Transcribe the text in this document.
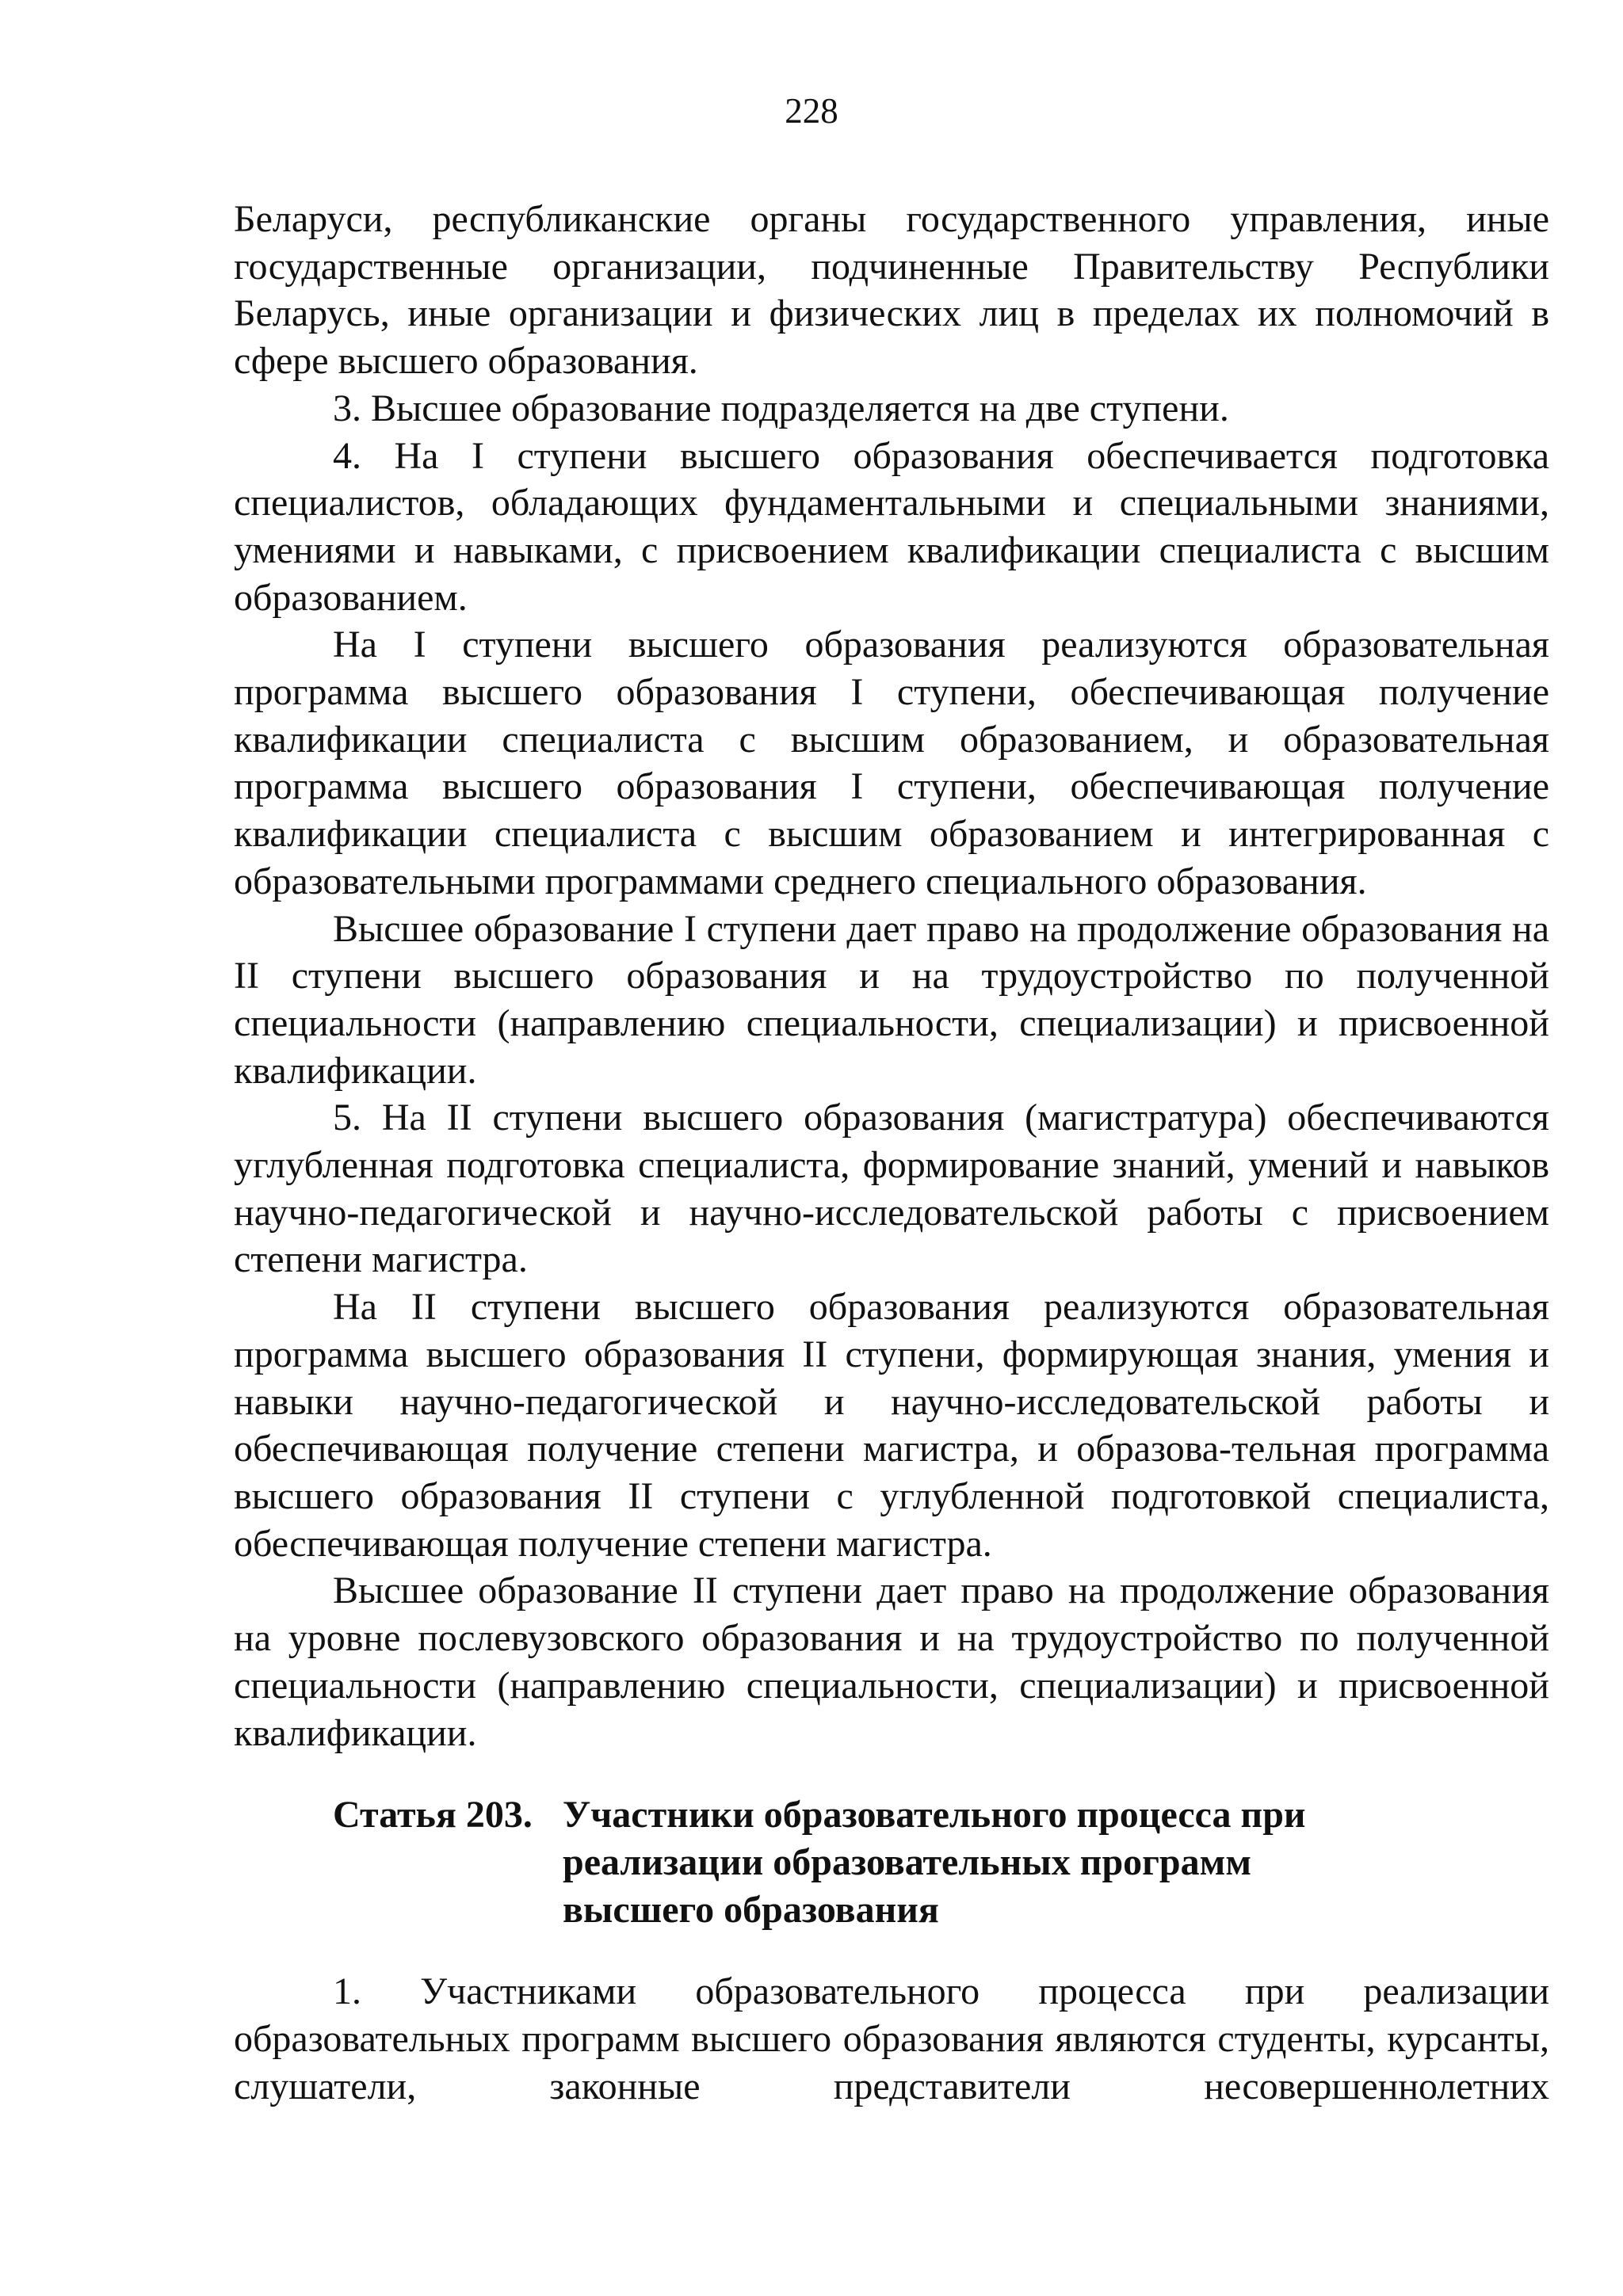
228

Беларуси, республиканские органы государственного управления, иные государственные организации, подчиненные Правительству Республики Беларусь, иные организации и физических лиц в пределах их полномочий в сфере высшего образования.

3. Высшее образование подразделяется на две ступени.

4. На I ступени высшего образования обеспечивается подготовка специалистов, обладающих фундаментальными и специальными знаниями, умениями и навыками, с присвоением квалификации специалиста с высшим образованием.

На I ступени высшего образования реализуются образовательная программа высшего образования I ступени, обеспечивающая получение квалификации специалиста с высшим образованием, и образовательная программа высшего образования I ступени, обеспечивающая получение квалификации специалиста с высшим образованием и интегрированная с образовательными программами среднего специального образования.

Высшее образование I ступени дает право на продолжение образования на II ступени высшего образования и на трудоустройство по полученной специальности (направлению специальности, специализации) и присвоенной квалификации.

5. На II ступени высшего образования (магистратура) обеспечиваются углубленная подготовка специалиста, формирование знаний, умений и навыков научно-педагогической и научно-исследовательской работы с присвоением степени магистра.

На II ступени высшего образования реализуются образовательная программа высшего образования II ступени, формирующая знания, умения и навыки научно-педагогической и научно-исследовательской работы и обеспечивающая получение степени магистра, и образова-тельная программа высшего образования II ступени с углубленной подготовкой специалиста, обеспечивающая получение степени магистра.

Высшее образование II ступени дает право на продолжение образования на уровне послевузовского образования и на трудоустройство по полученной специальности (направлению специальности, специализации) и присвоенной квалификации.

Статья 203. Участники образовательного процесса при реализации образовательных программ высшего образования

1. Участниками образовательного процесса при реализации образовательных программ высшего образования являются студенты, курсанты, слушатели, законные представители несовершеннолетних
